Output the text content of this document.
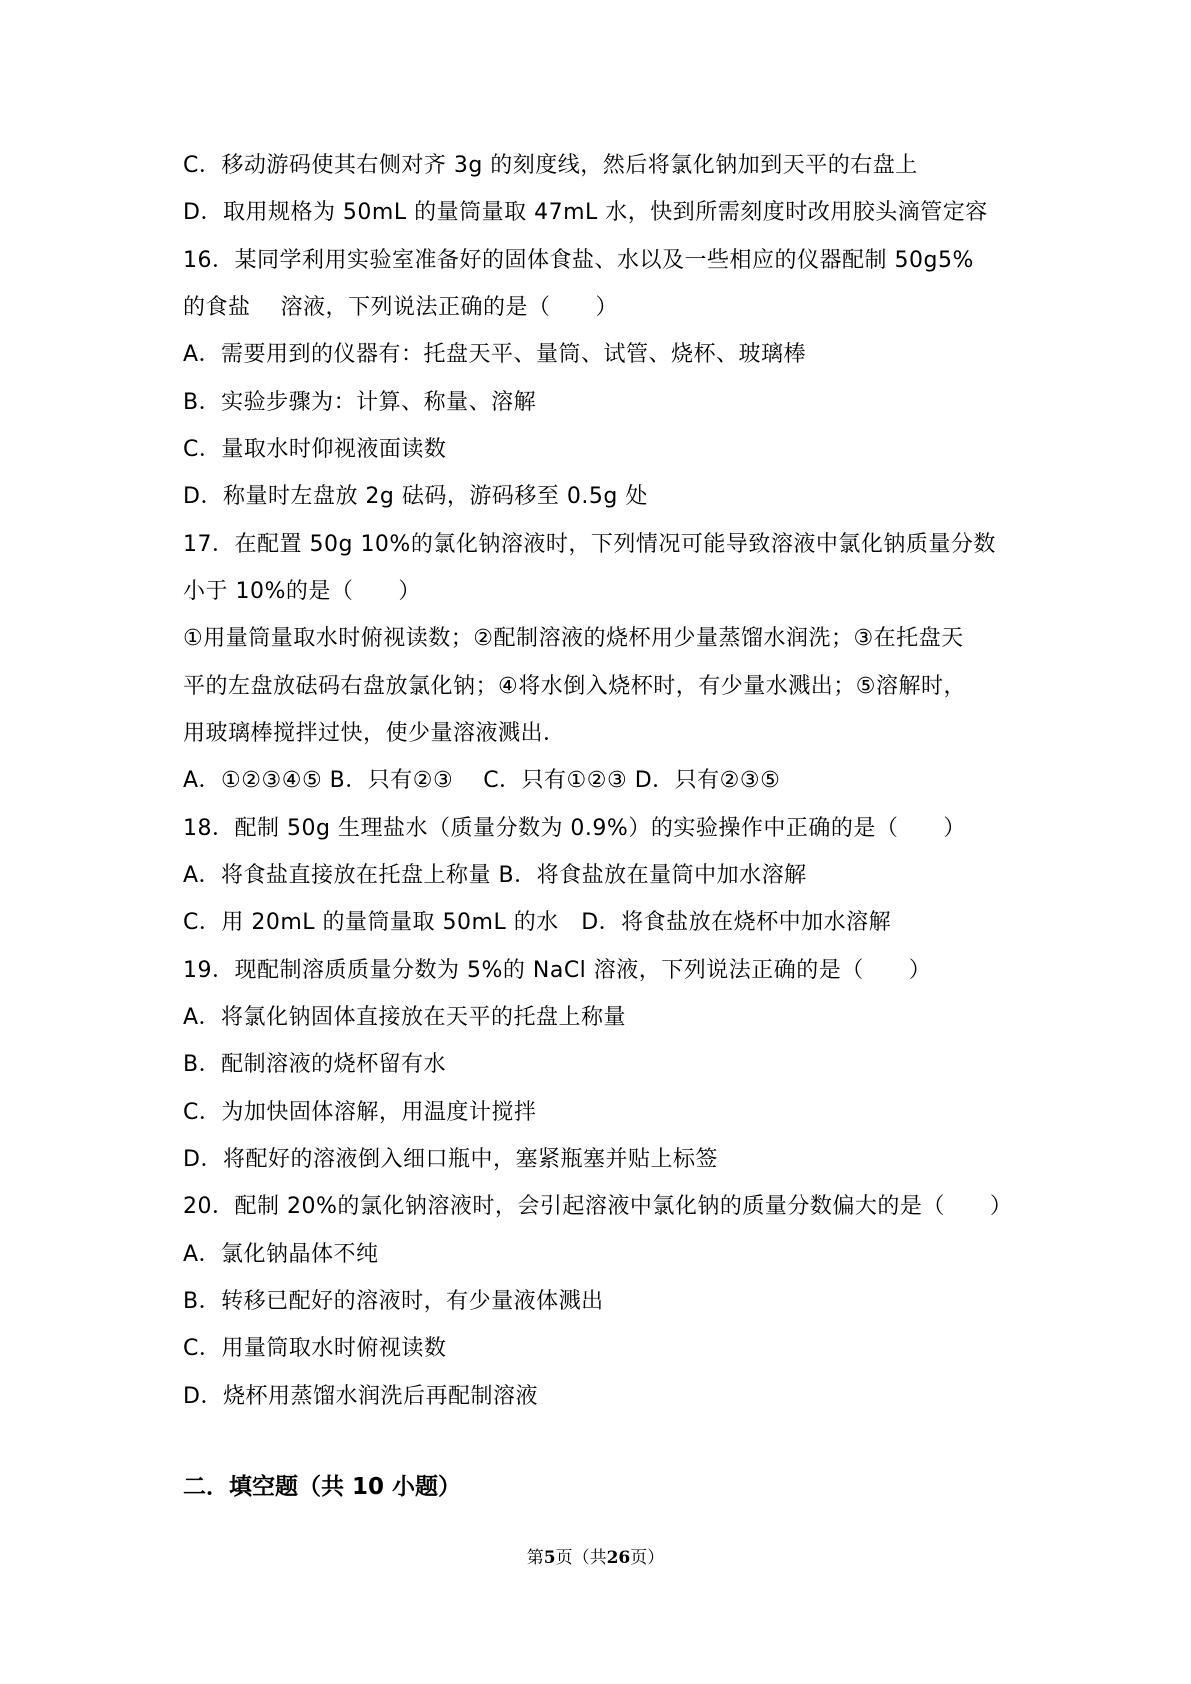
C．移动游码使其右侧对齐 3g 的刻度线，然后将氯化钠加到天平的右盘上
D．取用规格为 50mL 的量筒量取 47mL 水，快到所需刻度时改用胶头滴管定容
16．某同学利用实验室准备好的固体食盐、水以及一些相应的仪器配制 50g5%
的食盐    溶液，下列说法正确的是（　　）
A．需要用到的仪器有：托盘天平、量筒、试管、烧杯、玻璃棒
B．实验步骤为：计算、称量、溶解
C．量取水时仰视液面读数
D．称量时左盘放 2g 砝码，游码移至 0.5g 处
17．在配置 50g 10%的氯化钠溶液时，下列情况可能导致溶液中氯化钠质量分数
小于 10%的是（　　）
①用量筒量取水时俯视读数；②配制溶液的烧杯用少量蒸馏水润洗；③在托盘天
平的左盘放砝码右盘放氯化钠；④将水倒入烧杯时，有少量水溅出；⑤溶解时，
用玻璃棒搅拌过快，使少量溶液溅出．
A．①②③④⑤ B．只有②③　 C．只有①②③ D．只有②③⑤
18．配制 50g 生理盐水（质量分数为 0.9%）的实验操作中正确的是（　　）
A．将食盐直接放在托盘上称量 B．将食盐放在量筒中加水溶解
C．用 20mL 的量筒量取 50mL 的水　D．将食盐放在烧杯中加水溶解
19．现配制溶质质量分数为 5%的 NaCl 溶液，下列说法正确的是（　　）
A．将氯化钠固体直接放在天平的托盘上称量
B．配制溶液的烧杯留有水
C．为加快固体溶解，用温度计搅拌
D．将配好的溶液倒入细口瓶中，塞紧瓶塞并贴上标签
20．配制 20%的氯化钠溶液时，会引起溶液中氯化钠的质量分数偏大的是（　　）
A．氯化钠晶体不纯
B．转移已配好的溶液时，有少量液体溅出
C．用量筒取水时俯视读数
D．烧杯用蒸馏水润洗后再配制溶液
二．填空题（共 10 小题）
第5页（共26页）
